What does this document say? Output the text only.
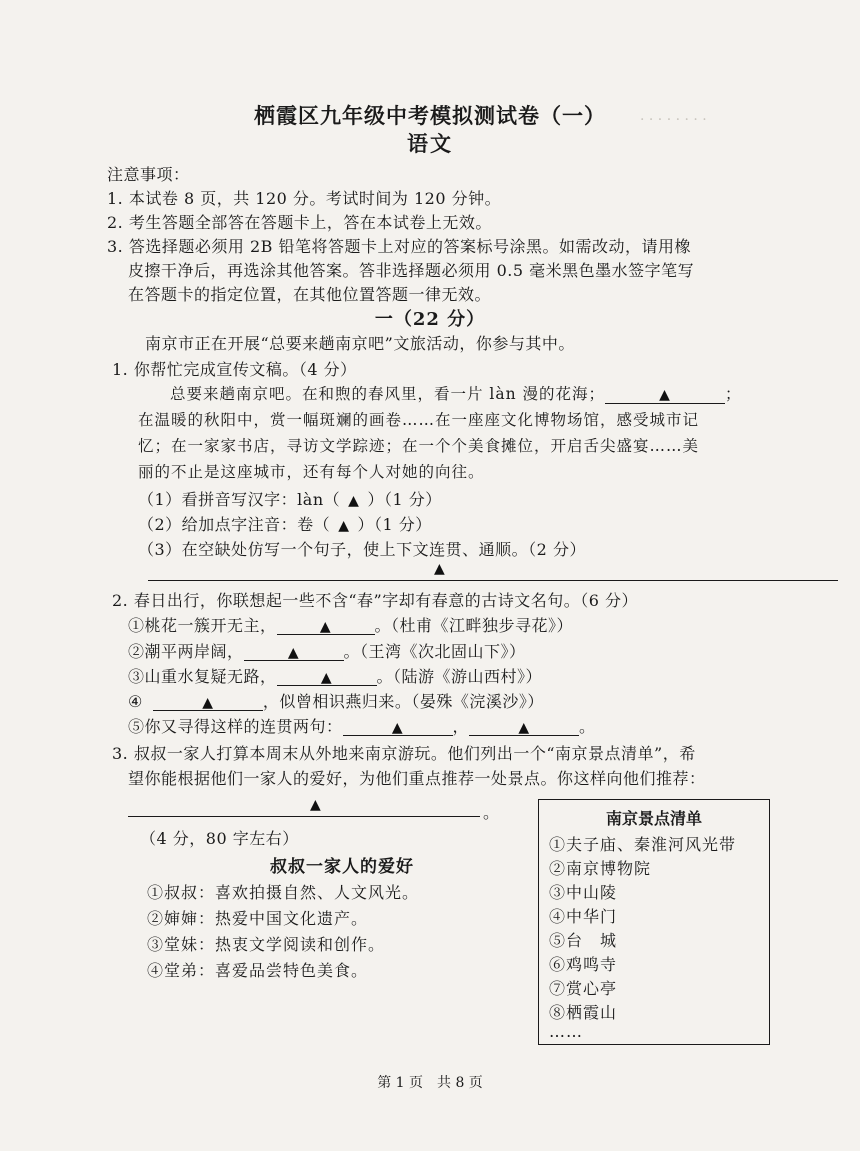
· · · · · · · ·
栖霞区九年级中考模拟测试卷（一）
语文
注意事项：
1. 本试卷 8 页，共 120 分。考试时间为 120 分钟。
2. 考生答题全部答在答题卡上，答在本试卷上无效。
3. 答选择题必须用 2B 铅笔将答题卡上对应的答案标号涂黑。如需改动，请用橡
皮擦干净后，再选涂其他答案。答非选择题必须用 0.5 毫米黑色墨水签字笔写
在答题卡的指定位置，在其他位置答题一律无效。
一（22 分）
南京市正在开展“总要来趟南京吧”文旅活动，你参与其中。
1. 你帮忙完成宣传文稿。（4 分）
总要来趟南京吧。在和煦的春风里，看一片 làn 漫的花海；	▲	；
在温暖的秋阳中，赏一幅斑斓的画卷……在一座座文化博物场馆，感受城市记
忆；在一家家书店，寻访文学踪迹；在一个个美食摊位，开启舌尖盛宴……美
丽的不止是这座城市，还有每个人对她的向往。
（1）看拼音写汉字：làn（ ▲ ）（1 分）
（2）给加点字注音：卷（ ▲ ）（1 分）
（3）在空缺处仿写一个句子，使上下文连贯、通顺。（2 分）
▲
2. 春日出行，你联想起一些不含“春”字却有春意的古诗文名句。（6 分）
①桃花一簇开无主，	▲	。（杜甫《江畔独步寻花》）
②潮平两岸阔，	▲	。（王湾《次北固山下》）
③山重水复疑无路，	▲	。（陆游《游山西村》）
④	▲	，似曾相识燕归来。（晏殊《浣溪沙》）
⑤你又寻得这样的连贯两句：	▲	，	▲	。
3. 叔叔一家人打算本周末从外地来南京游玩。他们列出一个“南京景点清单”，希
望你能根据他们一家人的爱好，为他们重点推荐一处景点。你这样向他们推荐：
▲	。
（4 分，80 字左右）
叔叔一家人的爱好
①叔叔：喜欢拍摄自然、人文风光。
②婶婶：热爱中国文化遗产。
③堂妹：热衷文学阅读和创作。
④堂弟：喜爱品尝特色美食。
南京景点清单
①夫子庙、秦淮河风光带
②南京博物院
③中山陵
④中华门
⑤台　城
⑥鸡鸣寺
⑦赏心亭
⑧栖霞山
……
第 1 页　共 8 页
